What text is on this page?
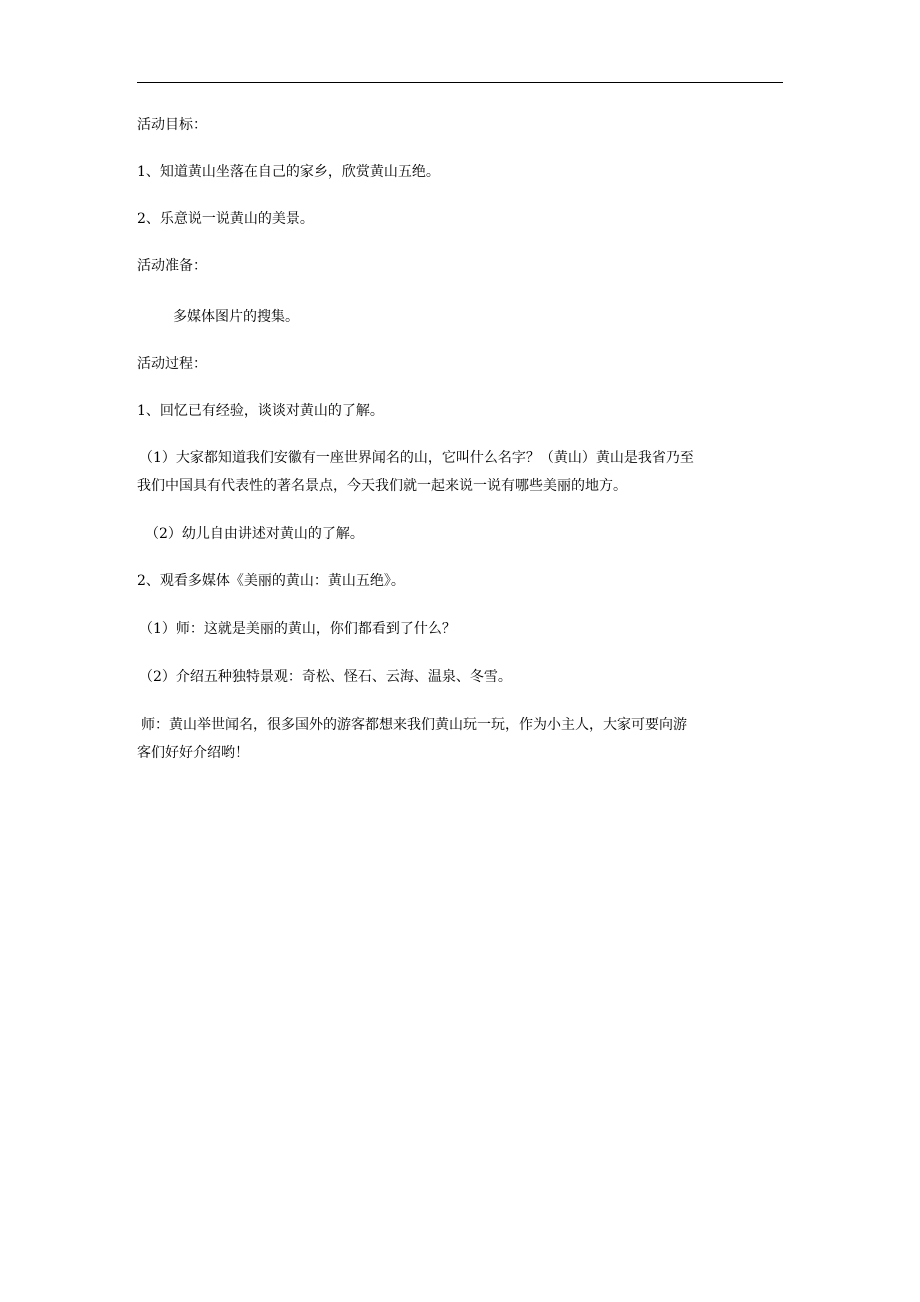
活动目标：
1、知道黄山坐落在自己的家乡，欣赏黄山五绝。
2、乐意说一说黄山的美景。
活动准备：
多媒体图片的搜集。
活动过程：
1、回忆已有经验，谈谈对黄山的了解。
（1）大家都知道我们安徽有一座世界闻名的山，它叫什么名字？（黄山）黄山是我省乃至
我们中国具有代表性的著名景点，今天我们就一起来说一说有哪些美丽的地方。
（2）幼儿自由讲述对黄山的了解。
2、观看多媒体《美丽的黄山：黄山五绝》。
（1）师：这就是美丽的黄山，你们都看到了什么？
（2）介绍五种独特景观：奇松、怪石、云海、温泉、冬雪。
师：黄山举世闻名，很多国外的游客都想来我们黄山玩一玩，作为小主人，大家可要向游
客们好好介绍哟！
